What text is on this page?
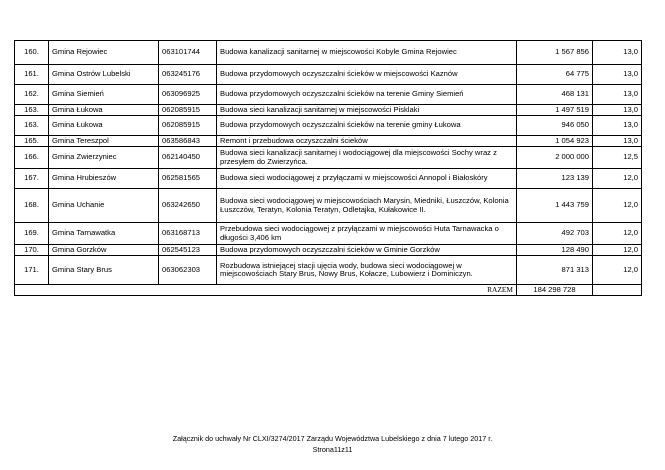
160.	Gmina Rejowiec	063101744	Budowa kanalizacji sanitarnej w miejscowości Kobyle Gmina Rejowiec	1 567 856	13,0
161.	Gmina Ostrów Lubelski	063245176	Budowa przydomowych oczyszczalni ścieków w miejscowości Kaznów	64 775	13,0
162.	Gmina Siemień	063096925	Budowa przydomowych oczyszczalni ścieków na terenie Gminy Siemień	468 131	13,0
163.	Gmina Łukowa	062085915	Budowa sieci kanalizacji sanitarnej w miejscowości Pisklaki	1 497 519	13,0
163.	Gmina Łukowa	062085915	Budowa przydomowych oczyszczalni ścieków na terenie gminy Łukowa	946 050	13,0
165.	Gmina Tereszpol	063586843	Remont i przebudowa oczyszczalni ścieków	1 054 923	13,0
166.	Gmina Zwierzyniec	062140450	Budowa sieci kanalizacji sanitarnej i wodociągowej dla miejscowości Sochy wraz z przesyłem do Zwierzyńca.	2 000 000	12,5
167.	Gmina Hrubieszów	062581565	Budowa sieci wodociągowej z przyłączami w miejscowości Annopol i Białoskóry	123 139	12,0
168.	Gmina Uchanie	063242650	Budowa sieci wodociągowej w miejscowościach Marysin, Miedniki, Łuszczów, Kolonia Łuszczów, Teratyn, Kolonia Teratyn, Odletajka, Kułakowice II.	1 443 759	12,0
169.	Gmina Tarnawatka	063168713	Przebudowa sieci wodociągowej z przyłączami w miejscowości Huta Tarnawacka o długości 3,406 km	492 703	12,0
170.	Gmina Gorzków	062545123	Budowa przydomowych oczyszczalni ścieków w Gminie Gorzków	128 490	12,0
171.	Gmina Stary Brus	063062303	Rozbudowa istniejącej stacji ujęcia wody, budowa sieci wodociągowej w miejscowościach Stary Brus, Nowy Brus, Kołacze, Lubowierz i Dominiczyn.	871 313	12,0
RAZEM				184 298 728	
Załącznik do uchwały Nr CLXI/3274/2017 Zarządu Województwa Lubelskiego z dnia 7 lutego 2017 r.
Strona11z11
